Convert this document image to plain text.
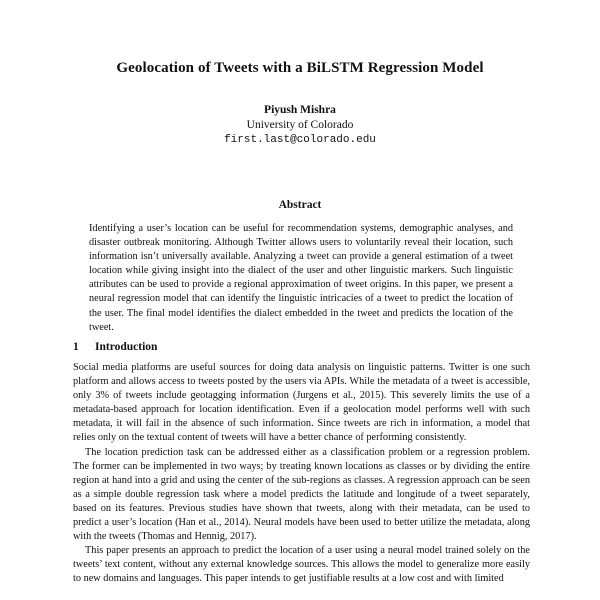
Geolocation of Tweets with a BiLSTM Regression Model
Piyush Mishra
University of Colorado
first.last@colorado.edu
Abstract
Identifying a user’s location can be useful for recommendation systems, demographic analyses, and disaster outbreak monitoring. Although Twitter allows users to voluntarily reveal their location, such information isn’t universally available. Analyzing a tweet can provide a general estimation of a tweet location while giving insight into the dialect of the user and other linguistic markers. Such linguistic attributes can be used to provide a regional approximation of tweet origins. In this paper, we present a neural regression model that can identify the linguistic intricacies of a tweet to predict the location of the user. The final model identifies the dialect embedded in the tweet and predicts the location of the tweet.
1 Introduction

Social media platforms are useful sources for doing data analysis on linguistic patterns. Twitter is one such platform and allows access to tweets posted by the users via APIs. While the metadata of a tweet is accessible, only 3% of tweets include geotagging information (Jurgens et al., 2015). This severely limits the use of a metadata-based approach for location identification. Even if a geolocation model performs well with such metadata, it will fail in the absence of such information. Since tweets are rich in information, a model that relies only on the textual content of tweets will have a better chance of performing consistently.

The location prediction task can be addressed either as a classification problem or a regression problem. The former can be implemented in two ways; by treating known locations as classes or by dividing the entire region at hand into a grid and using the center of the sub-regions as classes. A regression approach can be seen as a simple double regression task where a model predicts the latitude and longitude of a tweet separately, based on its features. Previous studies have shown that tweets, along with their metadata, can be used to predict a user’s location (Han et al., 2014). Neural models have been used to better utilize the metadata, along with the tweets (Thomas and Hennig, 2017).

This paper presents an approach to predict the location of a user using a neural model trained solely on the tweets’ text content, without any external knowledge sources. This allows the model to generalize more easily to new domains and languages. This paper intends to get justifiable results at a low cost and with limited
